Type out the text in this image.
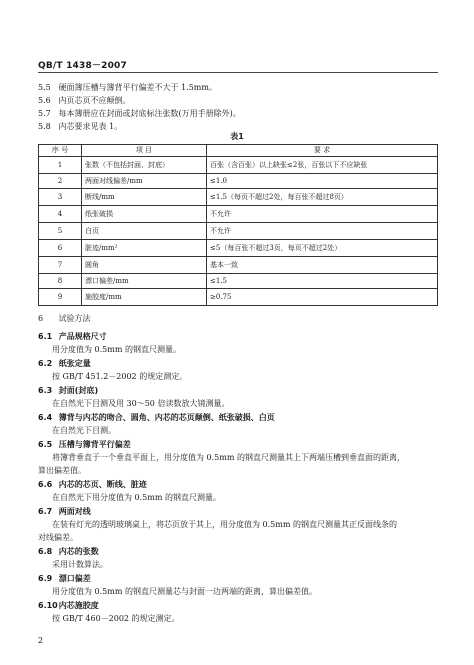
QB/T 1438－2007
5.5 硬面簿压槽与簿背平行偏差不大于 1.5mm。
5.6 内页芯页不应颠倒。
5.7 每本簿册应在封面或封底标注张数(万用手册除外)。
5.8 内芯要求见表 1。
表1
序 号	项 目	要 求
1	张数（不包括封面、封底）	百张（含百张）以上缺张≤2张，百张以下不应缺张
2	两面对线偏差/mm	≤1.0
3	断线/mm	≤1.5（每页不超过2处，每百张不超过8页）
4	纸张破损	不允许
5	白页	不允许
6	脏迹/mm²	≤5（每百张不超过3页，每页不超过2处）
7	圆角	基本一致
8	漂口偏差/mm	≤1.5
9	施胶度/mm	≥0.75
6 试验方法
6.1 产品规格尺寸
用分度值为 0.5mm 的钢直尺测量。
6.2 纸张定量
按 GB/T 451.2－2002 的规定测定。
6.3 封面(封底)
在自然光下目测及用 30～50 倍读数放大镜测量。
6.4 簿背与内芯的吻合、圆角、内芯的芯页颠倒、纸张破损、白页
在自然光下目测。
6.5 压槽与簿背平行偏差
将簿背垂直于一个垂直平面上，用分度值为 0.5mm 的钢直尺测量其上下两端压槽到垂直面的距离，
算出偏差值。
6.6 内芯的芯页、断线、脏迹
在自然光下用分度值为 0.5mm 的钢直尺测量。
6.7 两面对线
在装有灯光的透明玻璃桌上，将芯页放于其上，用分度值为 0.5mm 的钢直尺测量其正反面线条的
对线偏差。
6.8 内芯的张数
采用计数算法。
6.9 漂口偏差
用分度值为 0.5mm 的钢直尺测量芯与封面一边两端的距离，算出偏差值。
6.10 内芯施胶度
按 GB/T 460－2002 的规定测定。
2
